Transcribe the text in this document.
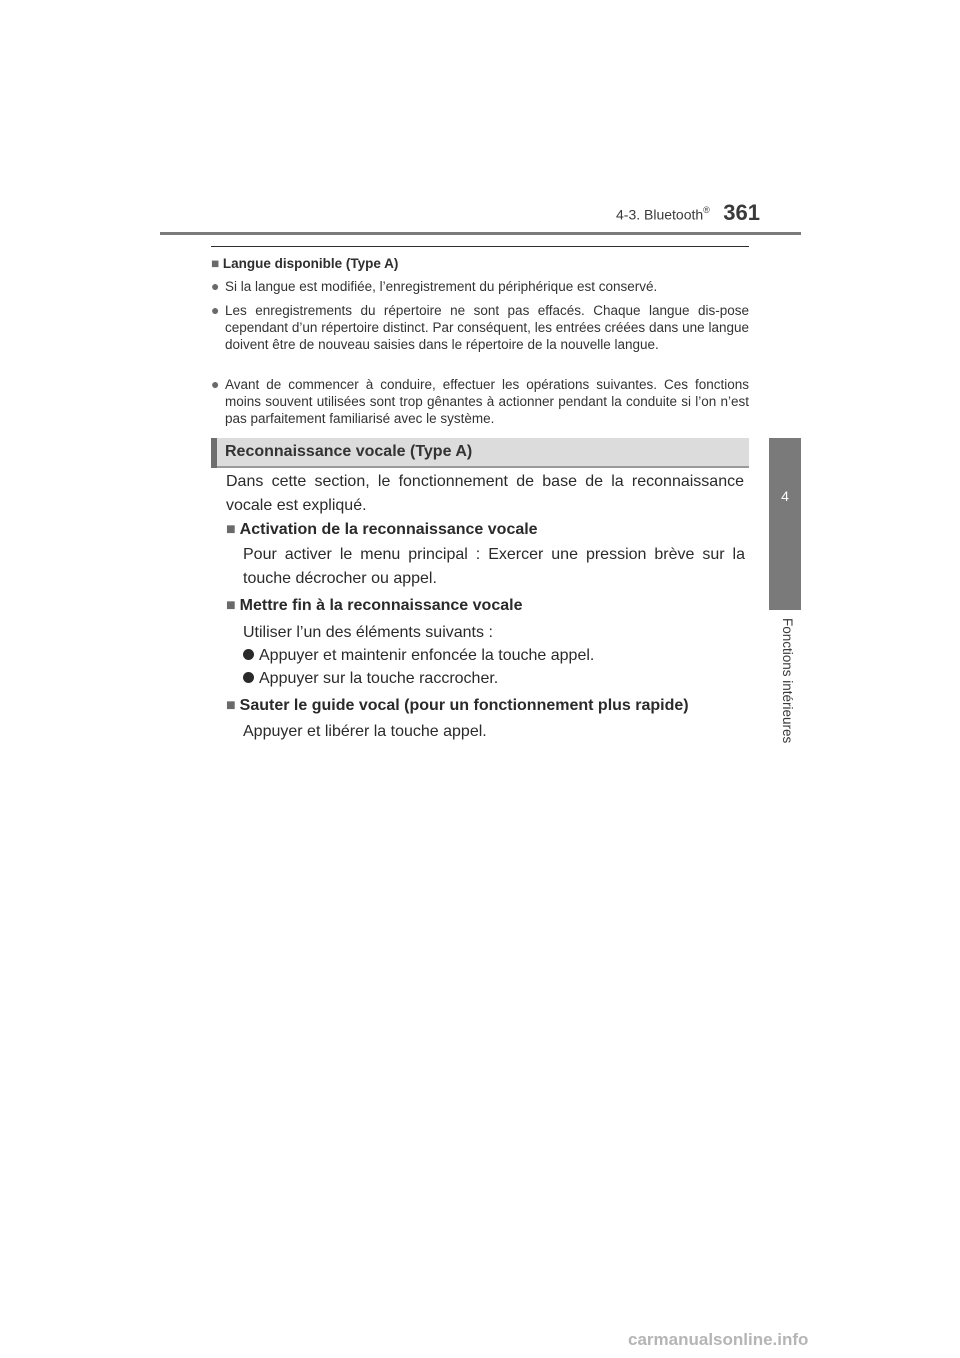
4-3. Bluetooth® 361
4
Fonctions intérieures
■ Langue disponible (Type A)
● Si la langue est modifiée, l’enregistrement du périphérique est conservé.
● Les enregistrements du répertoire ne sont pas effacés. Chaque langue dis-pose cependant d’un répertoire distinct. Par conséquent, les entrées créées dans une langue doivent être de nouveau saisies dans le répertoire de la nouvelle langue.
● Avant de commencer à conduire, effectuer les opérations suivantes. Ces fonctions moins souvent utilisées sont trop gênantes à actionner pendant la conduite si l’on n’est pas parfaitement familiarisé avec le système.
Reconnaissance vocale (Type A)
Dans cette section, le fonctionnement de base de la reconnaissance vocale est expliqué.
■ Activation de la reconnaissance vocale
Pour activer le menu principal : Exercer une pression brève sur la touche décrocher ou appel.
■ Mettre fin à la reconnaissance vocale
Utiliser l’un des éléments suivants :
Appuyer et maintenir enfoncée la touche appel.
Appuyer sur la touche raccrocher.
■ Sauter le guide vocal (pour un fonctionnement plus rapide)
Appuyer et libérer la touche appel.
carmanualsonline.info
